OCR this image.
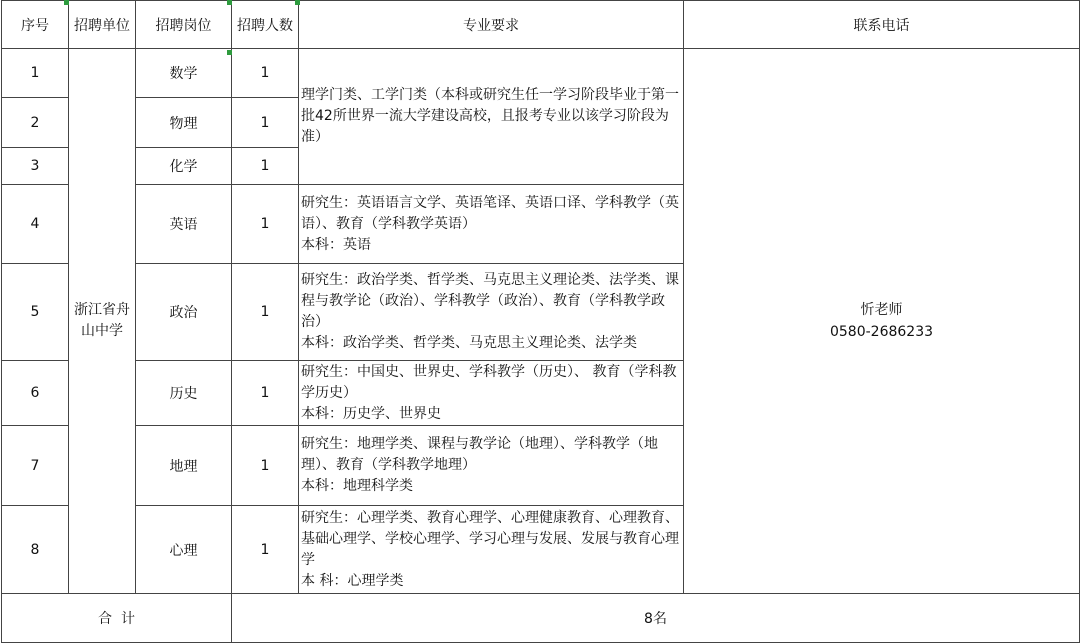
序号	招聘单位	招聘岗位	招聘人数	专业要求	联系电话
1	浙江省舟山中学	数学	1	理学门类、工学门类（本科或研究生任一学习阶段毕业于第一批42所世界一流大学建设高校，且报考专业以该学习阶段为准）	忻老师
0580-2686233

2		物理	1		
3		化学	1		
4		英语	1	研究生：英语语言文学、英语笔译、英语口译、学科教学（英语）、教育（学科教学英语）
本科：英语	

5		政治	1	研究生：政治学类、哲学类、马克思主义理论类、法学类、课程与教学论（政治）、学科教学（政治）、教育（学科教学政治）
本科：政治学类、哲学类、马克思主义理论类、法学类	

6		历史	1	研究生：中国史、世界史、学科教学（历史）、 教育（学科教学历史）
本科：历史学、世界史	

7		地理	1	研究生：地理学类、课程与教学论（地理）、学科教学（地理）、教育（学科教学地理）
本科：地理科学类	

8		心理	1	研究生：心理学类、教育心理学、心理健康教育、心理教育、基础心理学、学校心理学、学习心理与发展、发展与教育心理学
本 科：心理学类	

合  计			8名		
